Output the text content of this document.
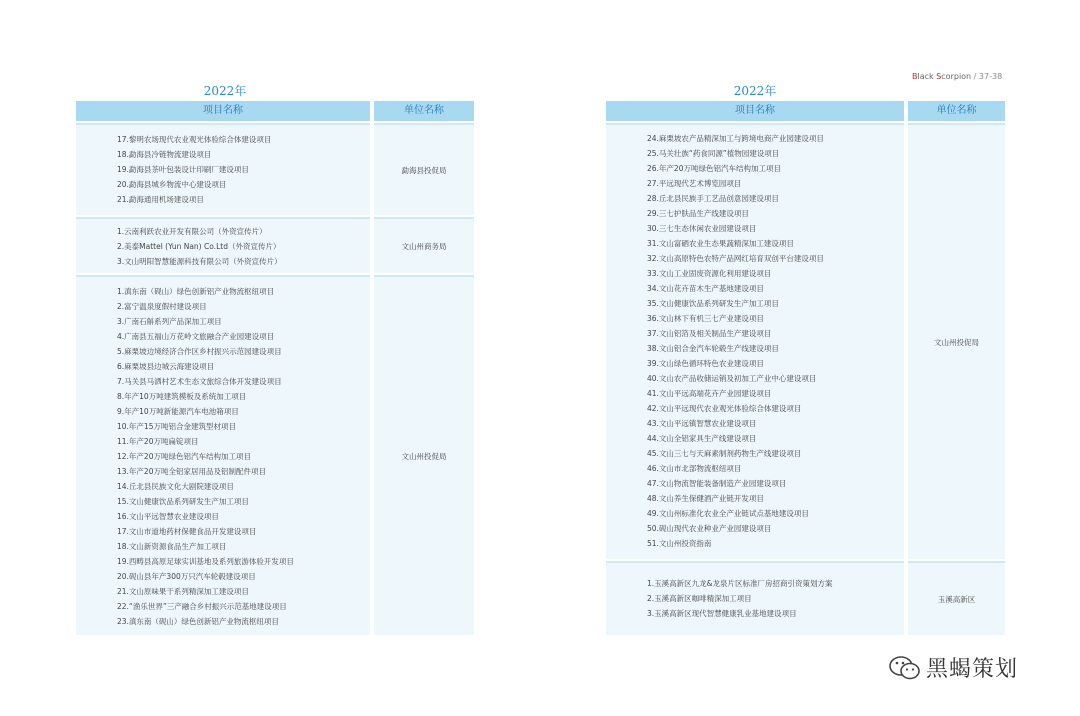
Black Scorpion / 37-38
2022年
项目名称	单位名称
17.黎明农场现代农业观光体验综合体建设项目
18.勐海县冷链物流建设项目
19.勐海县茶叶包装设计印刷厂建设项目
20.勐海县城乡物流中心建设项目
21.勐海通用机场建设项目
勐海县投促局
1.云南利跃农业开发有限公司（外资宣传片）
2.美泰Mattel (Yun Nan) Co.Ltd（外资宣传片）
3.文山明阳智慧能源科技有限公司（外资宣传片）
文山州商务局
1.滇东南（砚山）绿色创新铝产业物流枢纽项目
2.富宁温泉度假村建设项目
3.广南石斛系列产品深加工项目
4.广南县五福山万花岭文旅融合产业园建设项目
5.麻栗坡边境经济合作区乡村振兴示范园建设项目
6.麻栗坡县边城云海建设项目
7.马关县马洒村艺术生态文旅综合体开发建设项目
8.年产10万吨建筑模板及系统加工项目
9.年产10万吨新能源汽车电池箱项目
10.年产15万吨铝合金建筑型材项目
11.年产20万吨扁锭项目
12.年产20万吨绿色铝汽车结构加工项目
13.年产20万吨全铝家居用品及铝制配件项目
14.丘北县民族文化大剧院建设项目
15.文山健康饮品系列研发生产加工项目
16.文山平远智慧农业建设项目
17.文山市道地药材保健食品开发建设项目
18.文山新资源食品生产加工项目
19.西畴县高原足球实训基地及系列旅游体验开发项目
20.砚山县年产300万只汽车轮毂建设项目
21.文山原味果干系列精深加工建设项目
22.“渔乐世界”三产融合乡村振兴示范基地建设项目
23.滇东南（砚山）绿色创新铝产业物流枢纽项目
文山州投促局
2022年
项目名称	单位名称
24.麻栗坡农产品精深加工与跨境电商产业园建设项目
25.马关壮族“药食同源”植物园建设项目
26.年产20万吨绿色铝汽车结构加工项目
27.平远现代艺术博览园项目
28.丘北县民族手工艺品创意园建设项目
29.三七护肤品生产线建设项目
30.三七生态休闲农业园建设项目
31.文山富硒农业生态果蔬精深加工建设项目
32.文山高原特色农特产品网红培育双创平台建设项目
33.文山工业固废资源化利用建设项目
34.文山花卉苗木生产基地建设项目
35.文山健康饮品系列研发生产加工项目
36.文山林下有机三七产业建设项目
37.文山铝箔及相关制品生产建设项目
38.文山铝合金汽车轮毂生产线建设项目
39.文山绿色循环特色农业建设项目
40.文山农产品收储运销及初加工产业中心建设项目
41.文山平远高端花卉产业园建设项目
42.文山平远现代农业观光体验综合体建设项目
43.文山平远镇智慧农业建设项目
44.文山全铝家具生产线建设项目
45.文山三七与天麻素制剂药物生产线建设项目
46.文山市北部物流枢纽项目
47.文山物流智能装备制造产业园建设项目
48.文山养生保健酒产业链开发项目
49.文山州标准化农业全产业链试点基地建设项目
50.砚山现代农业种业产业园建设项目
51.文山州投资指南
文山州投促局
1.玉溪高新区九龙&龙泉片区标准厂房招商引资策划方案
2.玉溪高新区咖啡精深加工项目
3.玉溪高新区现代智慧健康乳业基地建设项目
玉溪高新区
黑蝎策划
